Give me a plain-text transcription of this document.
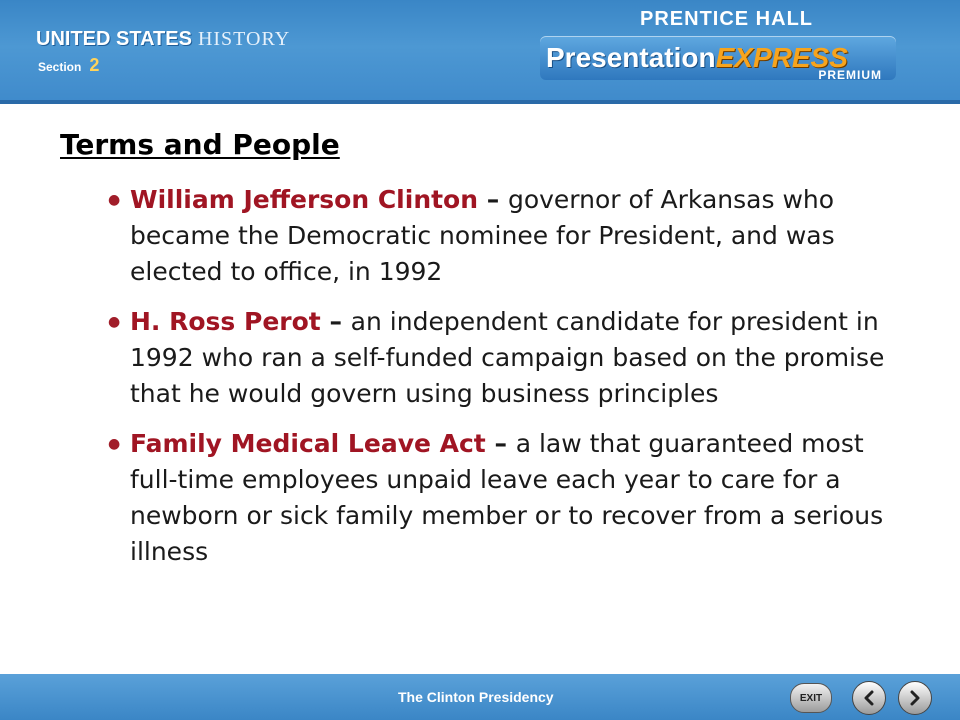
UNITED STATES HISTORY
Section 2
PRENTICE HALL
PresentationEXPRESS
PREMIUM
Terms and People
● William Jefferson Clinton – governor of Arkansas who became the Democratic nominee for President, and was elected to office, in 1992
● H. Ross Perot – an independent candidate for president in 1992 who ran a self-funded campaign based on the promise that he would govern using business principles
● Family Medical Leave Act – a law that guaranteed most full-time employees unpaid leave each year to care for a newborn or sick family member or to recover from a serious illness
The Clinton Presidency	EXIT
